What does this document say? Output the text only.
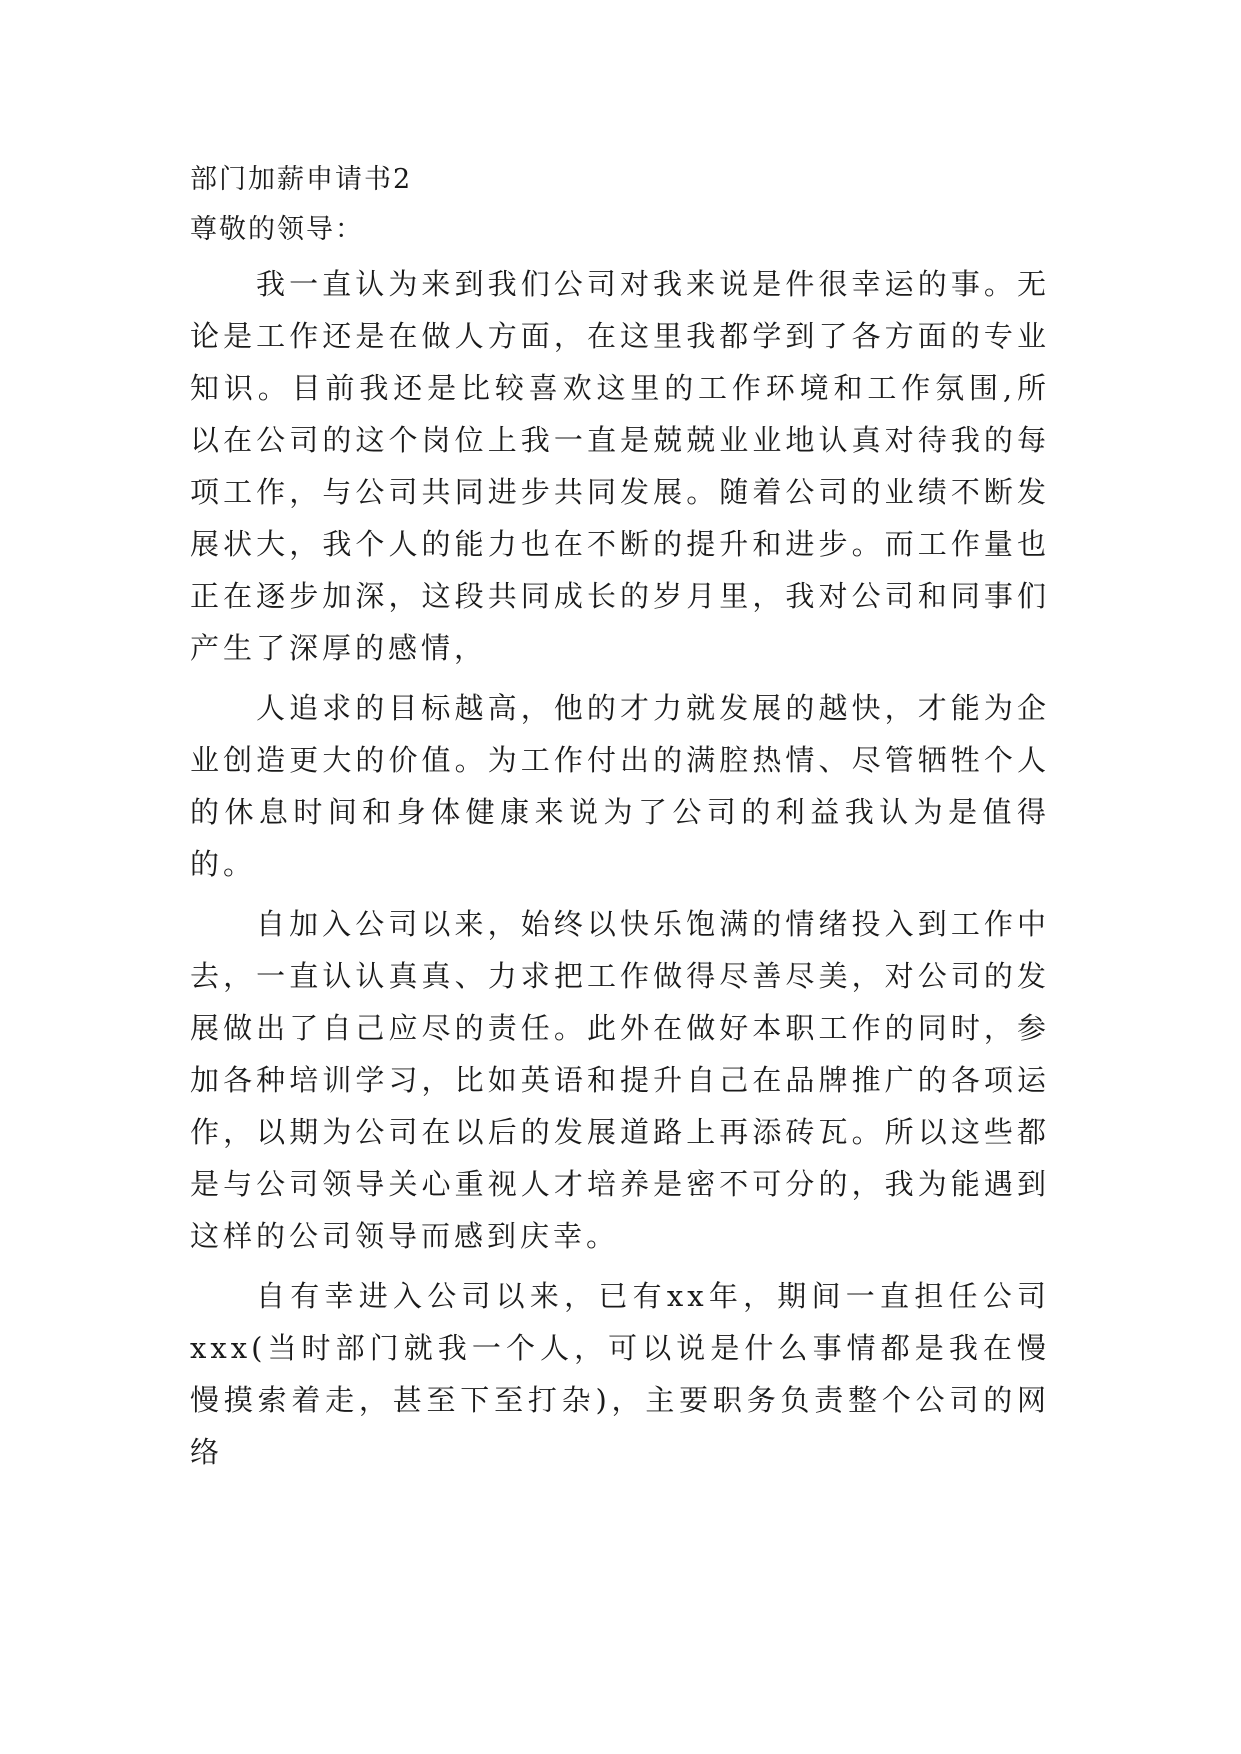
部门加薪申请书2

尊敬的领导：

我一直认为来到我们公司对我来说是件很幸运的事。无论是工作还是在做人方面，在这里我都学到了各方面的专业知识。目前我还是比较喜欢这里的工作环境和工作氛围,所以在公司的这个岗位上我一直是兢兢业业地认真对待我的每项工作，与公司共同进步共同发展。随着公司的业绩不断发展状大，我个人的能力也在不断的提升和进步。而工作量也正在逐步加深，这段共同成长的岁月里，我对公司和同事们产生了深厚的感情，

人追求的目标越高，他的才力就发展的越快，才能为企业创造更大的价值。为工作付出的满腔热情、尽管牺牲个人的休息时间和身体健康来说为了公司的利益我认为是值得的。

自加入公司以来，始终以快乐饱满的情绪投入到工作中去，一直认认真真、力求把工作做得尽善尽美，对公司的发展做出了自己应尽的责任。此外在做好本职工作的同时，参加各种培训学习，比如英语和提升自己在品牌推广的各项运作，以期为公司在以后的发展道路上再添砖瓦。所以这些都是与公司领导关心重视人才培养是密不可分的，我为能遇到这样的公司领导而感到庆幸。

自有幸进入公司以来，已有xx年，期间一直担任公司xxx(当时部门就我一个人，可以说是什么事情都是我在慢慢摸索着走，甚至下至打杂)，主要职务负责整个公司的网络
